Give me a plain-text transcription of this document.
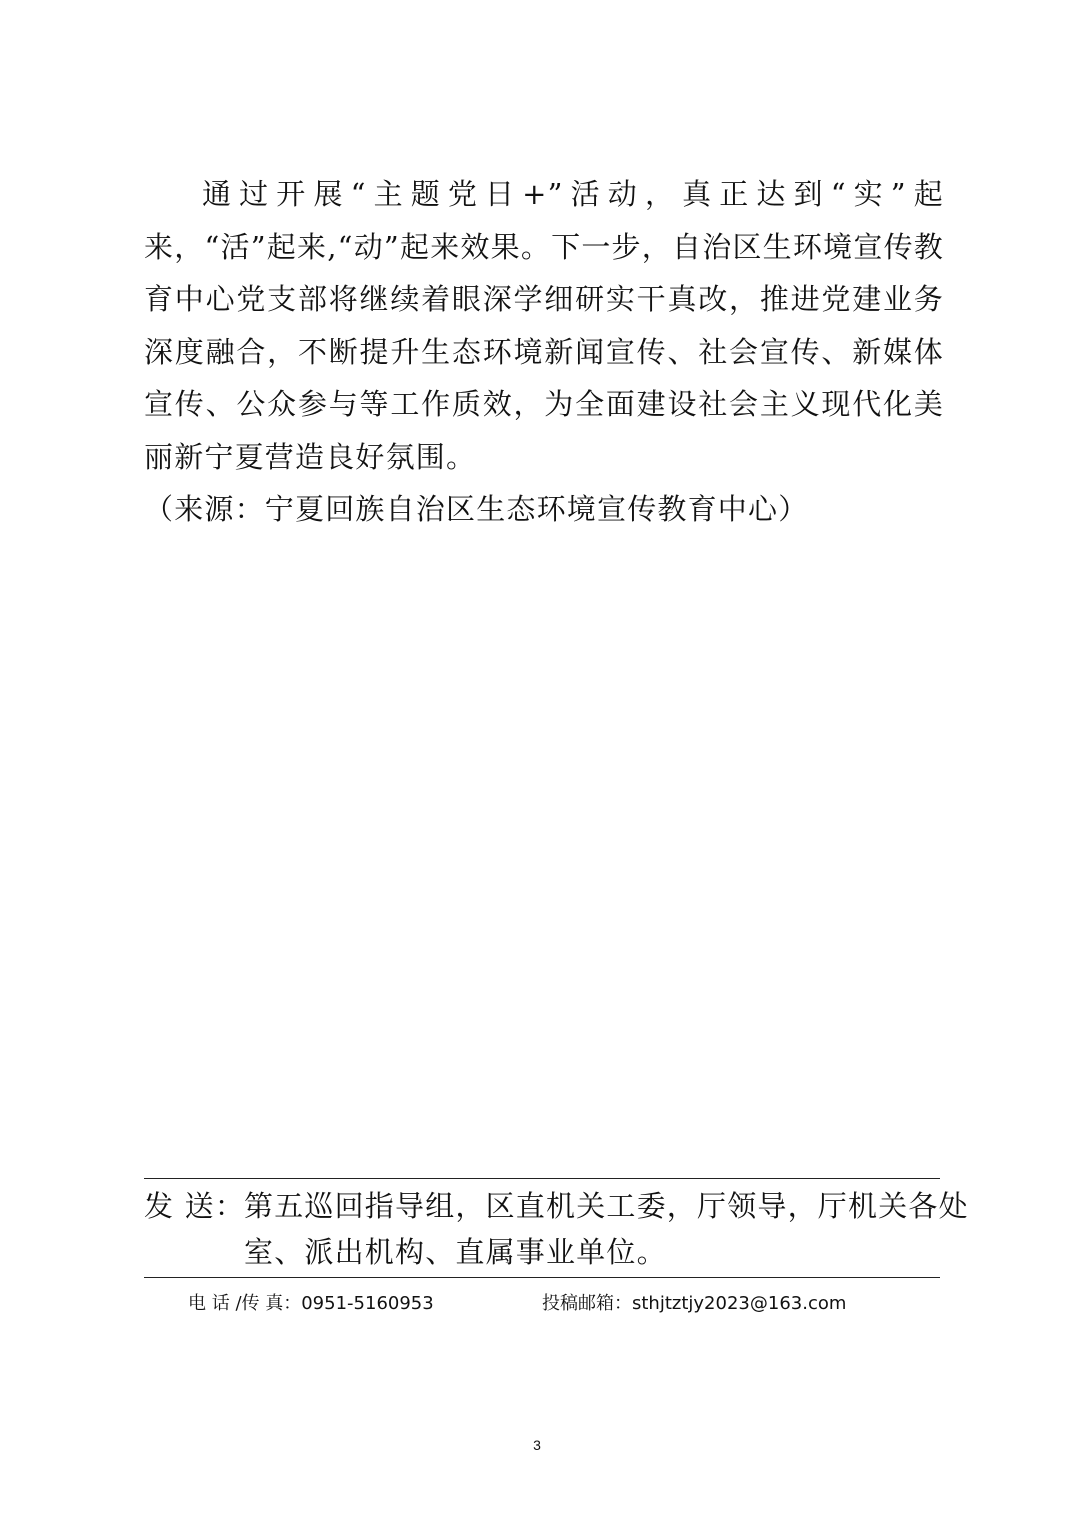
通过开展“主题党日+”活动，真正达到“实”起来，“活”起来,“动”起来效果。下一步，自治区生环境宣传教育中心党支部将继续着眼深学细研实干真改，推进党建业务深度融合，不断提升生态环境新闻宣传、社会宣传、新媒体宣传、公众参与等工作质效，为全面建设社会主义现代化美丽新宁夏营造良好氛围。

（来源：宁夏回族自治区生态环境宣传教育中心）

发 送：
第五巡回指导组，区直机关工委，厅领导，厅机关各处
室、派出机构、直属事业单位。
电 话 /传 真：0951-5160953	投稿邮箱：sthjtztjy2023@163.com
3
